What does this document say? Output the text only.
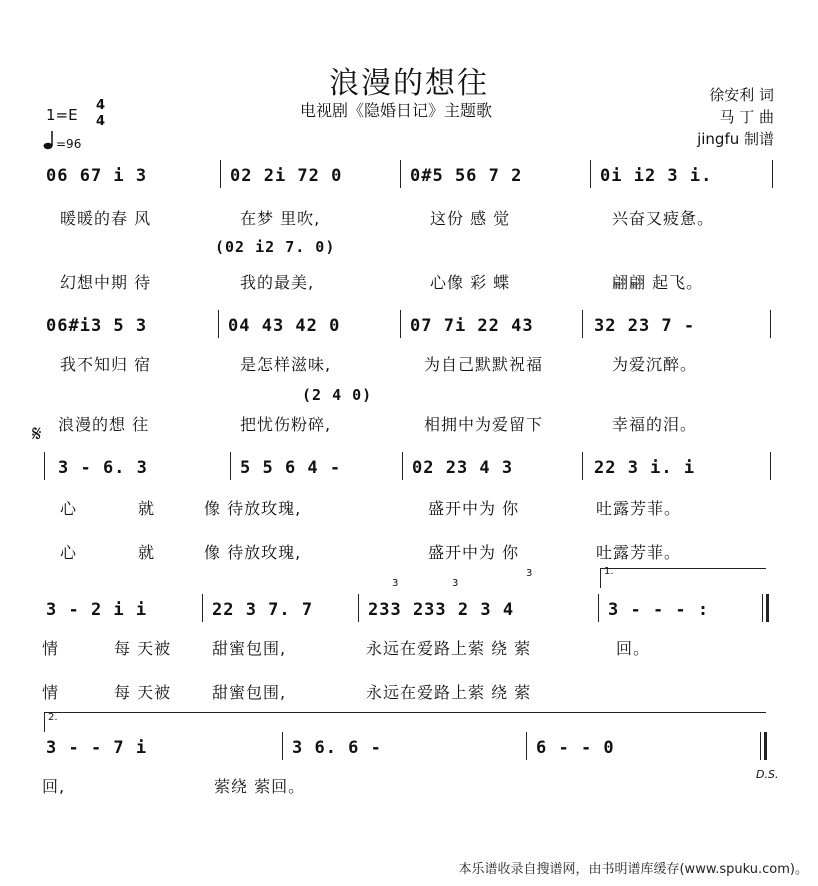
浪漫的想往
电视剧《隐婚日记》主题歌
徐安利 词
马 丁 曲
jingfu 制谱
1=E
4
4
=96
06 67 i 3	02 2i 72 0	0#5 56 7 2	0i i2 3 i.
暖暖的春 风	在梦 里吹,	这份 感 觉	兴奋又疲惫。
(02 i2 7. 0)
幻想中期 待	我的最美,	心像 彩 蝶	翩翩 起飞。
06#i3 5 3	04 43 42 0	07 7i 22 43	32 23 7 -
我不知归 宿	是怎样滋味,	为自己默默祝福	为爱沉醉。
(2 4 0)
𝄋 浪漫的想 往	把忧伤粉碎,	相拥中为爱留下	幸福的泪。
3 - 6. 3	5 5 6 4 -	02 23 4 3	22 3 i. i
心	就	像 待放玫瑰,	盛开中为 你	吐露芳菲。
心	就	像 待放玫瑰,	盛开中为 你	吐露芳菲。
3 - 2 i i	22 3 7. 7	233 233 2 3 4	3 - - - :
1.
3	3
3
情	每 天被	甜蜜包围,	永远在爱路上萦 绕 萦	回。
情	每 天被	甜蜜包围,	永远在爱路上萦 绕 萦
2.
3 - - 7 i	3 6. 6 -	6 - - 0
D.S.
回,	萦绕 萦回。
本乐谱收录自搜谱网，由书明谱库缓存(www.spuku.com)。
